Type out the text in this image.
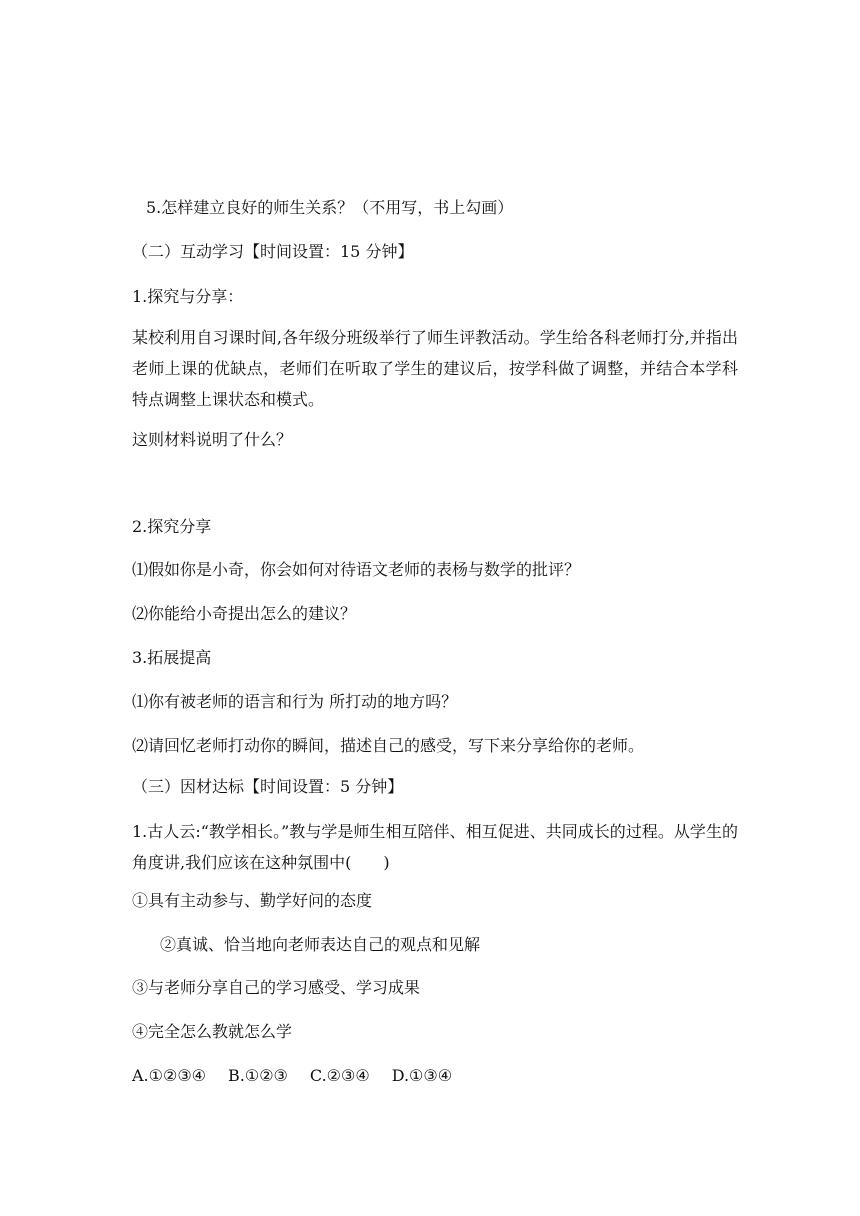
5.怎样建立良好的师生关系？（不用写，书上勾画）
（二）互动学习【时间设置：15 分钟】
1.探究与分享：
某校利用自习课时间,各年级分班级举行了师生评教活动。学生给各科老师打分,并指出老师上课的优缺点，老师们在听取了学生的建议后，按学科做了调整，并结合本学科特点调整上课状态和模式。
这则材料说明了什么？
2.探究分享
⑴假如你是小奇，你会如何对待语文老师的表杨与数学的批评？
⑵你能给小奇提出怎么的建议？
3.拓展提高
⑴你有被老师的语言和行为 所打动的地方吗？
⑵请回忆老师打动你的瞬间，描述自己的感受，写下来分享给你的老师。
（三）因材达标【时间设置：5 分钟】
1.古人云:“教学相长。”教与学是师生相互陪伴、相互促进、共同成长的过程。从学生的角度讲,我们应该在这种氛围中(　　)
①具有主动参与、勤学好问的态度
②真诚、恰当地向老师表达自己的观点和见解
③与老师分享自己的学习感受、学习成果
④完全怎么教就怎么学
A.①②③④ B.①②③ C.②③④ D.①③④
